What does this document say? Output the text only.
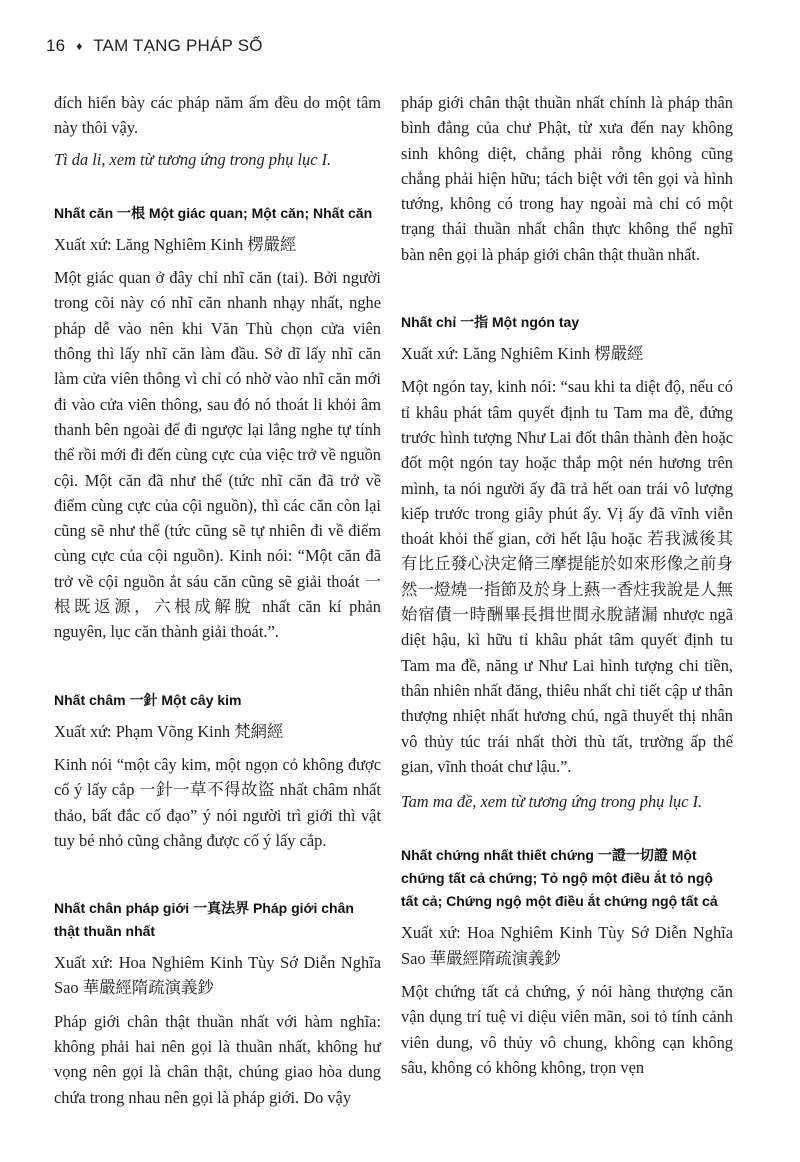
16 ♦ TAM TẠNG PHÁP SỐ

đích hiển bày các pháp năm ấm đều do một tâm này thôi vậy.

Tì da li, xem từ tương ứng trong phụ lục I.

Nhất căn 一根 Một giác quan; Một căn; Nhất căn

Xuất xứ: Lăng Nghiêm Kinh 楞嚴經

Một giác quan ở đây chỉ nhĩ căn (tai). Bởi người trong cõi này có nhĩ căn nhanh nhạy nhất, nghe pháp dễ vào nên khi Văn Thù chọn cửa viên thông thì lấy nhĩ căn làm đầu. Sở dĩ lấy nhĩ căn làm cửa viên thông vì chỉ có nhờ vào nhĩ căn mới đi vào cửa viên thông, sau đó nó thoát li khỏi âm thanh bên ngoài để đi ngược lại lắng nghe tự tính thể rồi mới đi đến cùng cực của việc trở về nguồn cội. Một căn đã như thế (tức nhĩ căn đã trở về điểm cùng cực của cội nguồn), thì các căn còn lại cũng sẽ như thế (tức cũng sẽ tự nhiên đi về điểm cùng cực của cội nguồn). Kinh nói: “Một căn đã trở về cội nguồn ắt sáu căn cũng sẽ giải thoát 一根既返源，六根成解脫 nhất căn kí phản nguyên, lục căn thành giải thoát.”.

Nhất châm 一針 Một cây kim

Xuất xứ: Phạm Võng Kinh 梵網經

Kinh nói “một cây kim, một ngọn cỏ không được cố ý lấy cắp 一針一草不得故盜 nhất châm nhất thảo, bất đắc cố đạo” ý nói người trì giới thì vật tuy bé nhỏ cũng chẳng được cố ý lấy cắp.

Nhất chân pháp giới 一真法界 Pháp giới chân thật thuần nhất

Xuất xứ: Hoa Nghiêm Kinh Tùy Sớ Diễn Nghĩa Sao 華嚴經隋疏演義鈔

Pháp giới chân thật thuần nhất với hàm nghĩa: không phải hai nên gọi là thuần nhất, không hư vọng nên gọi là chân thật, chúng giao hòa dung chứa trong nhau nên gọi là pháp giới. Do vậy

pháp giới chân thật thuần nhất chính là pháp thân bình đẳng của chư Phật, từ xưa đến nay không sinh không diệt, chẳng phải rỗng không cũng chẳng phải hiện hữu; tách biệt với tên gọi và hình tướng, không có trong hay ngoài mà chỉ có một trạng thái thuần nhất chân thực không thể nghĩ bàn nên gọi là pháp giới chân thật thuần nhất.

Nhất chỉ 一指 Một ngón tay

Xuất xứ: Lăng Nghiêm Kinh 楞嚴經

Một ngón tay, kinh nói: “sau khi ta diệt độ, nếu có tỉ khâu phát tâm quyết định tu Tam ma đề, đứng trước hình tượng Như Lai đốt thân thành đèn hoặc đốt một ngón tay hoặc thắp một nén hương trên mình, ta nói người ấy đã trả hết oan trái vô lượng kiếp trước trong giây phút ấy. Vị ấy đã vĩnh viễn thoát khỏi thế gian, cởi hết lậu hoặc 若我滅後其有比丘發心決定脩三摩提能於如來形像之前身然一燈燒一指節及於身上爇一香炷我說是人無始宿債一時酬畢長揖世間永脫諸漏 nhược ngã diệt hậu, kì hữu tỉ khâu phát tâm quyết định tu Tam ma đề, năng ư Như Lai hình tượng chi tiền, thân nhiên nhất đăng, thiêu nhất chỉ tiết cập ư thân thượng nhiệt nhất hương chú, ngã thuyết thị nhân vô thủy túc trái nhất thời thù tất, trường ấp thế gian, vĩnh thoát chư lậu.”.

Tam ma đề, xem từ tương ứng trong phụ lục I.

Nhất chứng nhất thiết chứng 一證一切證 Một chứng tất cả chứng; Tỏ ngộ một điều ắt tỏ ngộ tất cả; Chứng ngộ một điều ắt chứng ngộ tất cả

Xuất xứ: Hoa Nghiêm Kinh Tùy Sớ Diễn Nghĩa Sao 華嚴經隋疏演義鈔

Một chứng tất cả chứng, ý nói hàng thượng căn vận dụng trí tuệ vi diệu viên mãn, soi tỏ tính cảnh viên dung, vô thủy vô chung, không cạn không sâu, không có không không, trọn vẹn
